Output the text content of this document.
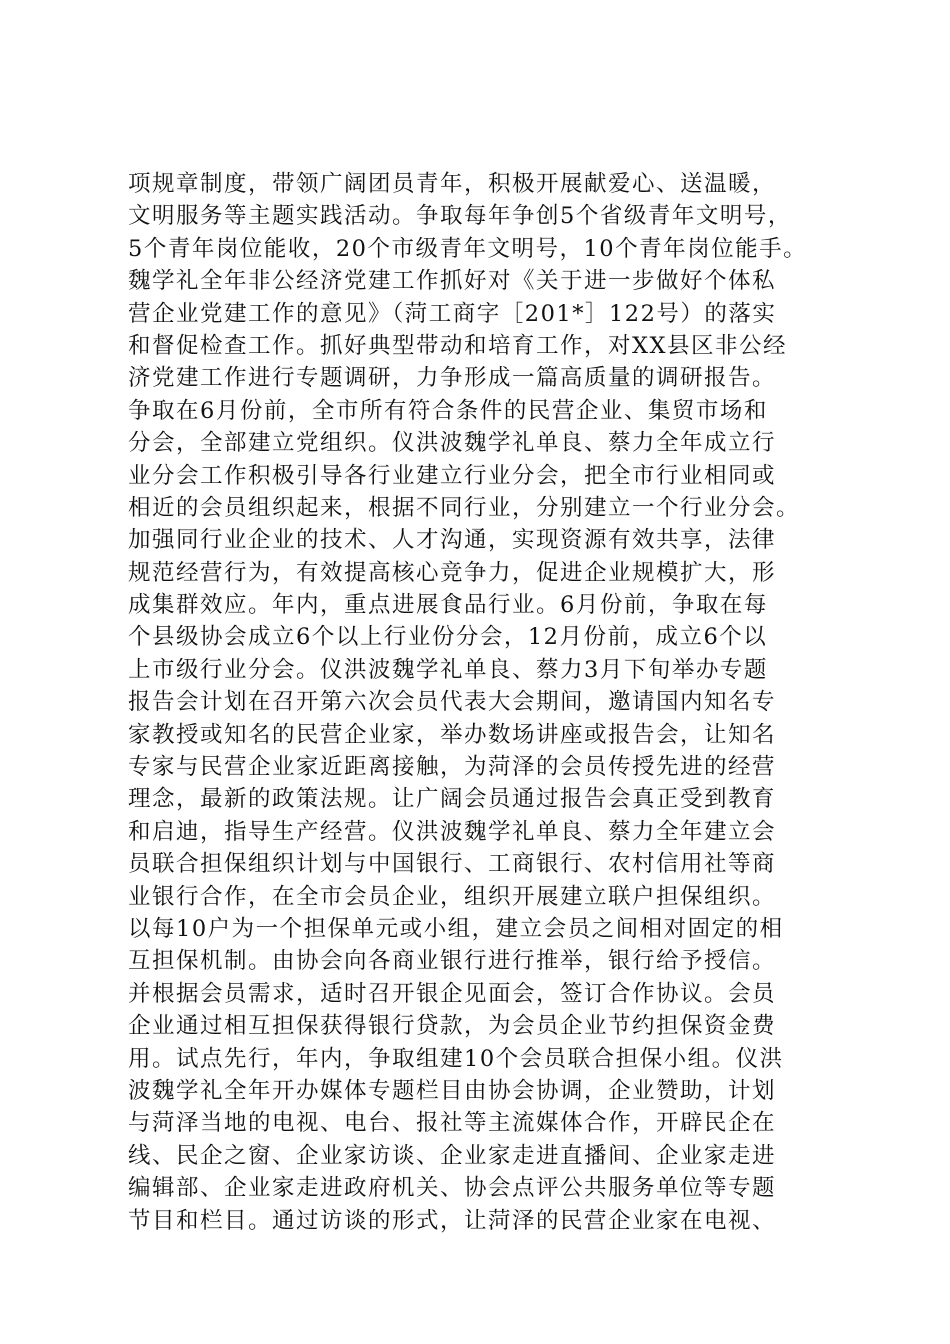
项规章制度，带领广阔团员青年，积极开展献爱心、送温暖，
文明服务等主题实践活动。争取每年争创5个省级青年文明号，
5个青年岗位能收，20个市级青年文明号，10个青年岗位能手。
魏学礼全年非公经济党建工作抓好对《关于进一步做好个体私
营企业党建工作的意见》（菏工商字［201*］122号）的落实
和督促检查工作。抓好典型带动和培育工作，对XX县区非公经
济党建工作进行专题调研，力争形成一篇高质量的调研报告。
争取在6月份前，全市所有符合条件的民营企业、集贸市场和
分会，全部建立党组织。仪洪波魏学礼单良、蔡力全年成立行
业分会工作积极引导各行业建立行业分会，把全市行业相同或
相近的会员组织起来，根据不同行业，分别建立一个行业分会。
加强同行业企业的技术、人才沟通，实现资源有效共享，法律
规范经营行为，有效提高核心竞争力，促进企业规模扩大，形
成集群效应。年内，重点进展食品行业。6月份前，争取在每
个县级协会成立6个以上行业份分会，12月份前，成立6个以
上市级行业分会。仪洪波魏学礼单良、蔡力3月下旬举办专题
报告会计划在召开第六次会员代表大会期间，邀请国内知名专
家教授或知名的民营企业家，举办数场讲座或报告会，让知名
专家与民营企业家近距离接触，为菏泽的会员传授先进的经营
理念，最新的政策法规。让广阔会员通过报告会真正受到教育
和启迪，指导生产经营。仪洪波魏学礼单良、蔡力全年建立会
员联合担保组织计划与中国银行、工商银行、农村信用社等商
业银行合作，在全市会员企业，组织开展建立联户担保组织。
以每10户为一个担保单元或小组，建立会员之间相对固定的相
互担保机制。由协会向各商业银行进行推举，银行给予授信。
并根据会员需求，适时召开银企见面会，签订合作协议。会员
企业通过相互担保获得银行贷款，为会员企业节约担保资金费
用。试点先行，年内，争取组建10个会员联合担保小组。仪洪
波魏学礼全年开办媒体专题栏目由协会协调，企业赞助，计划
与菏泽当地的电视、电台、报社等主流媒体合作，开辟民企在
线、民企之窗、企业家访谈、企业家走进直播间、企业家走进
编辑部、企业家走进政府机关、协会点评公共服务单位等专题
节目和栏目。通过访谈的形式，让菏泽的民营企业家在电视、
